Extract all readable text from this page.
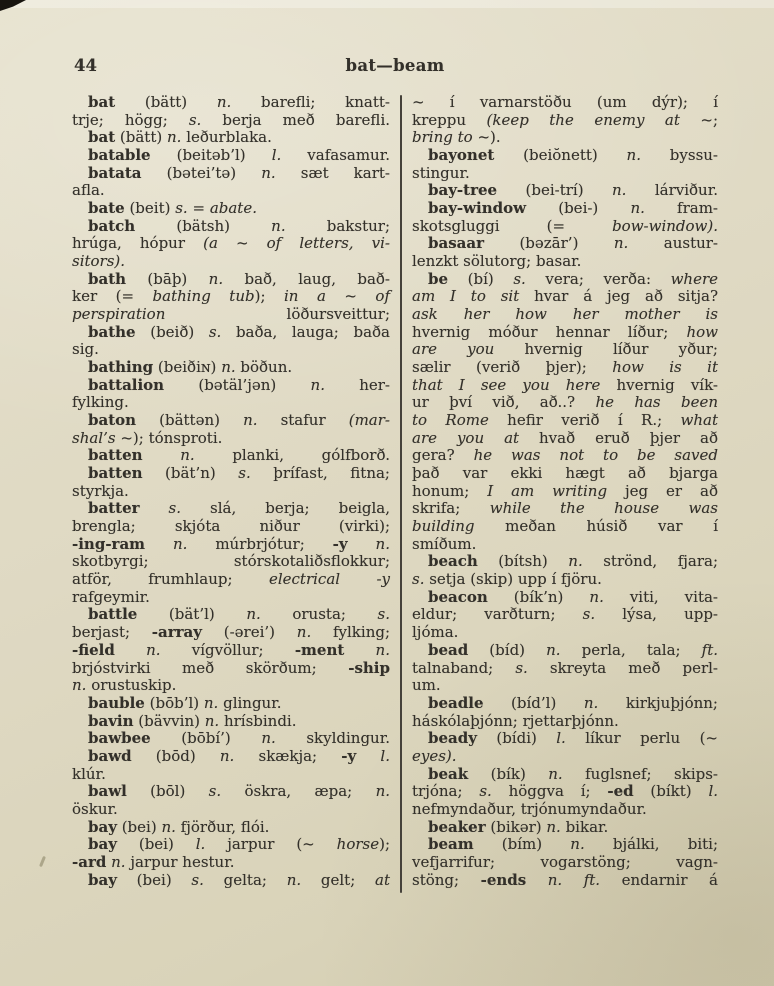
44	bat—beam
bat (bätt) n. barefli; knatt-
trje; högg; s. berja með barefli.
bat (bätt) n. leðurblaka.
batable (beitəb’l) l. vafasamur.
batata (bətei’tə) n. sæt kart-
afla.
bate (beit) s. = abate.
batch (bätsh) n. bakstur;
hrúga, hópur (a ~ of letters, vi-
sitors).
bath (bāþ) n. bað, laug, bað-
ker (= bathing tub); in a ~ of
perspiration löðursveittur;
bathe (beið) s. baða, lauga; baða
sig.
bathing (beiðiɴ) n. böðun.
battalion (bətäl’jən) n. her-
fylking.
baton (bättən) n. stafur (mar-
shal’s ~); tónsproti.
batten	n. planki, gólfborð.
batten (bät’n) s. þrífast, fitna;
styrkja.
batter s. slá, berja; beigla,
brengla; skjóta niður (virki);
-ing-ram n. múrbrjótur; -y n.
skotbyrgi; stórskotaliðsflokkur;
atför, frumhlaup; electrical -y
rafgeymir.
battle (bät’l) n. orusta; s.
berjast; -array (-ərei’) n. fylking;
-field n. vígvöllur; -ment n.
brjóstvirki með skörðum; -ship
n. orustuskip.
bauble (bōb’l) n. glingur.
bavin (bävvin) n. hrísbindi.
bawbee (bōbí’) n. skyldingur.
bawd (bōd) n. skækja; -y l.
klúr.
bawl (bōl) s. öskra, æpa; n.
öskur.
bay (bei) n. fjörður, flói.
bay (bei) l. jarpur (~ horse);
-ard n. jarpur hestur.
bay (bei) s. gelta; n. gelt; at
~ í varnarstöðu (um dýr); í
kreppu (keep the enemy at ~;
bring to ~).
bayonet (beiŏnett) n. byssu-
stingur.
bay-tree (bei-trí) n. lárviður.
bay-window (bei-) n. fram-
skotsgluggi (= bow-window).
basaar (bəzār’) n. austur-
lenzkt sölutorg; basar.
be (bí) s. vera; verða: where
am I to sit hvar á jeg að sitja?
ask her how her mother is
hvernig móður hennar líður; how
are you hvernig líður yður;
sælir (verið þjer); how is it
that I see you here hvernig vík-
ur því við, að..? he has been
to Rome hefir verið í R.; what
are you at hvað eruð þjer að
gera? he was not to be saved
það var ekki hægt að bjarga
honum; I am writing jeg er að
skrifa; while the house was
building meðan húsið var í
smíðum.
beach (bítsh) n. strönd, fjara;
s. setja (skip) upp í fjöru.
beacon (bík’n) n. viti, vita-
eldur; varðturn; s. lýsa, upp-
ljóma.
bead (bíd) n. perla, tala; ft.
talnaband; s. skreyta með perl-
um.
beadle (bíd’l) n. kirkjuþjónn;
háskólaþjónn; rjettarþjónn.
beady (bídi) l. líkur perlu (~
eyes).
beak (bík) n. fuglsnef; skips-
trjóna; s. höggva í; -ed (bíkt) l.
nefmyndaður, trjónumyndaður.
beaker (bikər) n. bikar.
beam (bím) n. bjálki, biti;
vefjarrifur; vogarstöng; vagn-
stöng; -ends n. ft. endarnir á
